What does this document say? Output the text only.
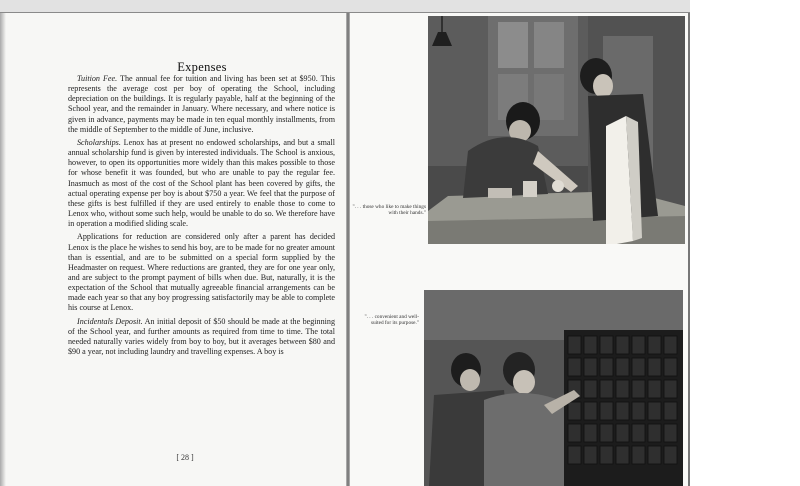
Expenses

Tuition Fee. The annual fee for tuition and living has been set at $950. This represents the average cost per boy of operating the School, including depreciation on the buildings. It is regularly payable, half at the beginning of the School year, and the remainder in January. Where necessary, and where notice is given in advance, payments may be made in ten equal monthly installments, from the middle of September to the middle of June, inclusive.

Scholarships. Lenox has at present no endowed scholarships, and but a small annual scholarship fund is given by interested individuals. The School is anxious, however, to open its opportunities more widely than this makes possible to those for whose benefit it was founded, but who are unable to pay the regular fee. Inasmuch as most of the cost of the School plant has been covered by gifts, the actual operating expense per boy is about $750 a year. We feel that the purpose of these gifts is best fulfilled if they are used entirely to enable those to come to Lenox who, without some such help, would be unable to do so. We therefore have in operation a modified sliding scale.

Applications for reduction are considered only after a parent has decided Lenox is the place he wishes to send his boy, are to be made for no greater amount than is essential, and are to be submitted on a special form supplied by the Headmaster on request. Where reductions are granted, they are for one year only, and are subject to the prompt payment of bills when due. But, naturally, it is the expectation of the School that mutually agreeable financial arrangements can be made each year so that any boy progressing satisfactorily may be able to complete his course at Lenox.

Incidentals Deposit. An initial deposit of $50 should be made at the beginning of the School year, and further amounts as required from time to time. The total needed naturally varies widely from boy to boy, but it averages between $80 and $90 a year, not including laundry and travelling expenses. A boy is

[ 28 ]
". . . those who like to make things with their hands."
". . . convenient and well-suited for its purpose."
